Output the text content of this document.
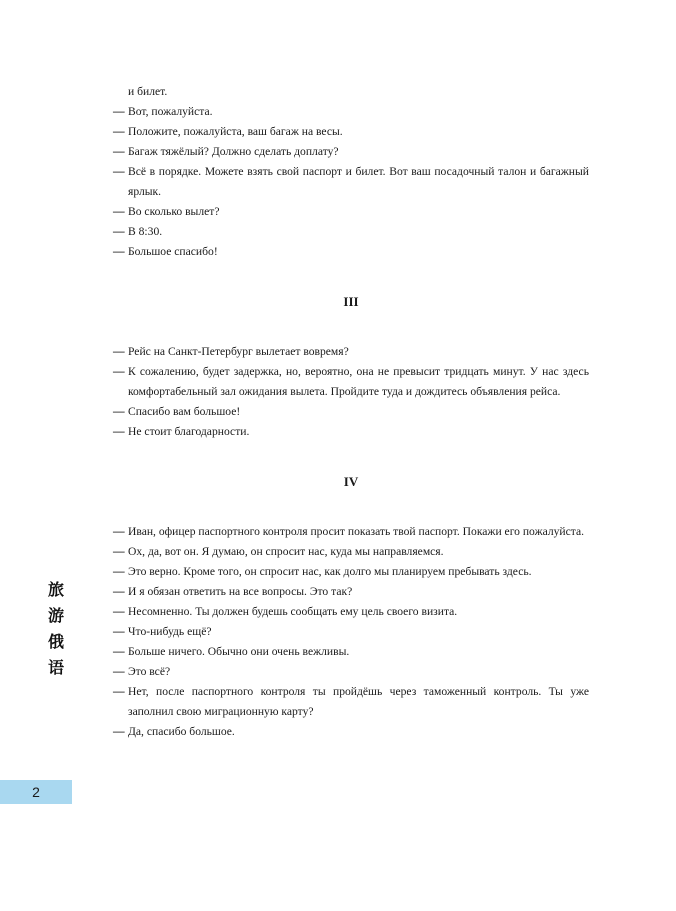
и билет.
— Вот, пожалуйста.
— Положите, пожалуйста, ваш багаж на весы.
— Багаж тяжёлый? Должно сделать доплату?
— Всё в порядке. Можете взять свой паспорт и билет. Вот ваш посадочный талон и багажный ярлык.
— Во сколько вылет?
— В 8:30.
— Большое спасибо!
III
— Рейс на Санкт-Петербург вылетает вовремя?
— К сожалению, будет задержка, но, вероятно, она не превысит тридцать минут. У нас здесь комфортабельный зал ожидания вылета. Пройдите туда и дождитесь объявления рейса.
— Спасибо вам большое!
— Не стоит благодарности.
IV
— Иван, офицер паспортного контроля просит показать твой паспорт. Покажи его пожалуйста.
— Ох, да, вот он. Я думаю, он спросит нас, куда мы направляемся.
— Это верно. Кроме того, он спросит нас, как долго мы планируем пребывать здесь.
— И я обязан ответить на все вопросы. Это так?
— Несомненно. Ты должен будешь сообщать ему цель своего визита.
— Что-нибудь ещё?
— Больше ничего. Обычно они очень вежливы.
— Это всё?
— Нет, после паспортного контроля ты пройдёшь через таможенный контроль. Ты уже заполнил свою миграционную карту?
— Да, спасибо большое.
旅
游
俄
语
2
